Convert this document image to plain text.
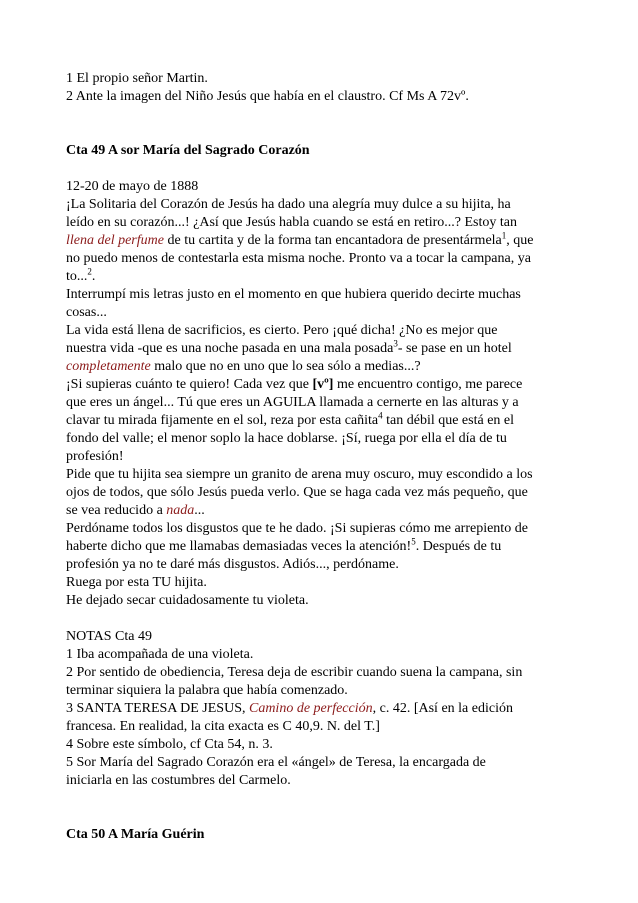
1 El propio señor Martin.

2 Ante la imagen del Niño Jesús que había en el claustro. Cf Ms A 72vº.

Cta 49 A sor María del Sagrado Corazón

12-20 de mayo de 1888

¡La Solitaria del Corazón de Jesús ha dado una alegría muy dulce a su hijita, ha

leído en su corazón...! ¿Así que Jesús habla cuando se está en retiro...? Estoy tan

llena del perfume de tu cartita y de la forma tan encantadora de presentármela$^1$, que

no puedo menos de contestarla esta misma noche. Pronto va a tocar la campana, ya

to...$^2$.

Interrumpí mis letras justo en el momento en que hubiera querido decirte muchas

cosas...

La vida está llena de sacrificios, es cierto. Pero ¡qué dicha! ¿No es mejor que

nuestra vida -que es una noche pasada en una mala posada$^3$- se pase en un hotel

completamente malo que no en uno que lo sea sólo a medias...?

¡Si supieras cuánto te quiero! Cada vez que [vº] me encuentro contigo, me parece

que eres un ángel... Tú que eres un AGUILA llamada a cernerte en las alturas y a

clavar tu mirada fijamente en el sol, reza por esta cañita$^4$ tan débil que está en el

fondo del valle; el menor soplo la hace doblarse. ¡Sí, ruega por ella el día de tu

profesión!

Pide que tu hijita sea siempre un granito de arena muy oscuro, muy escondido a los

ojos de todos, que sólo Jesús pueda verlo. Que se haga cada vez más pequeño, que

se vea reducido a nada...

Perdóname todos los disgustos que te he dado. ¡Si supieras cómo me arrepiento de

haberte dicho que me llamabas demasiadas veces la atención!$^5$. Después de tu

profesión ya no te daré más disgustos. Adiós..., perdóname.

Ruega por esta TU hijita.

He dejado secar cuidadosamente tu violeta.

NOTAS Cta 49

1 Iba acompañada de una violeta.

2 Por sentido de obediencia, Teresa deja de escribir cuando suena la campana, sin

terminar siquiera la palabra que había comenzado.

3 SANTA TERESA DE JESUS, Camino de perfección, c. 42. [Así en la edición

francesa. En realidad, la cita exacta es C 40,9. N. del T.]

4 Sobre este símbolo, cf Cta 54, n. 3.

5 Sor María del Sagrado Corazón era el «ángel» de Teresa, la encargada de

iniciarla en las costumbres del Carmelo.

Cta 50 A María Guérin
